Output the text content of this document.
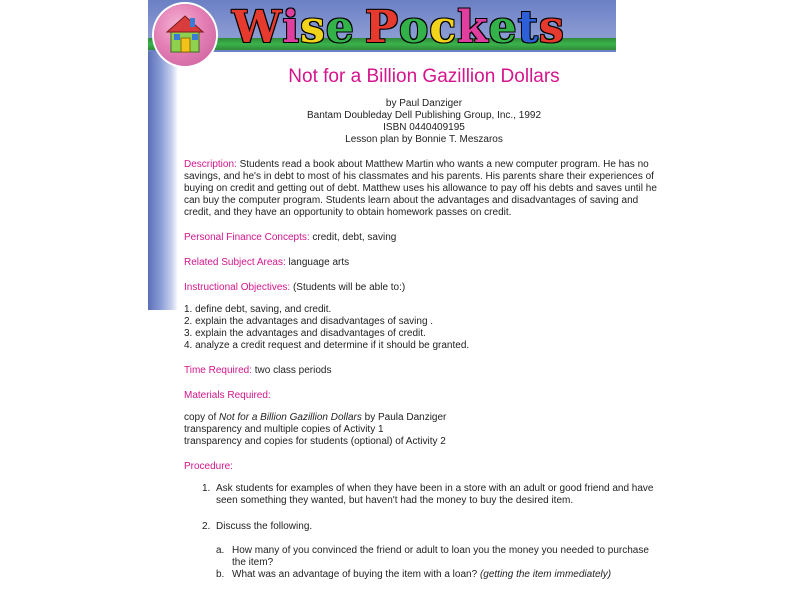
Wise Pockets
Not for a Billion Gazillion Dollars
by Paul Danziger
Bantam Doubleday Dell Publishing Group, Inc., 1992
ISBN 0440409195
Lesson plan by Bonnie T. Meszaros
Description: Students read a book about Matthew Martin who wants a new computer program. He has no savings, and he's in debt to most of his classmates and his parents. His parents share their experiences of buying on credit and getting out of debt. Matthew uses his allowance to pay off his debts and saves until he can buy the computer program. Students learn about the advantages and disadvantages of saving and credit, and they have an opportunity to obtain homework passes on credit.
Personal Finance Concepts: credit, debt, saving
Related Subject Areas: language arts
Instructional Objectives: (Students will be able to:)
1. define debt, saving, and credit.
2. explain the advantages and disadvantages of saving .
3. explain the advantages and disadvantages of credit.
4. analyze a credit request and determine if it should be granted.
Time Required: two class periods
Materials Required:
copy of Not for a Billion Gazillion Dollars by Paula Danziger
transparency and multiple copies of Activity 1
transparency and copies for students (optional) of Activity 2
Procedure:
1. Ask students for examples of when they have been in a store with an adult or good friend and have seen something they wanted, but haven't had the money to buy the desired item.
2. Discuss the following.
a. How many of you convinced the friend or adult to loan you the money you needed to purchase the item?
b. What was an advantage of buying the item with a loan? (getting the item immediately)
